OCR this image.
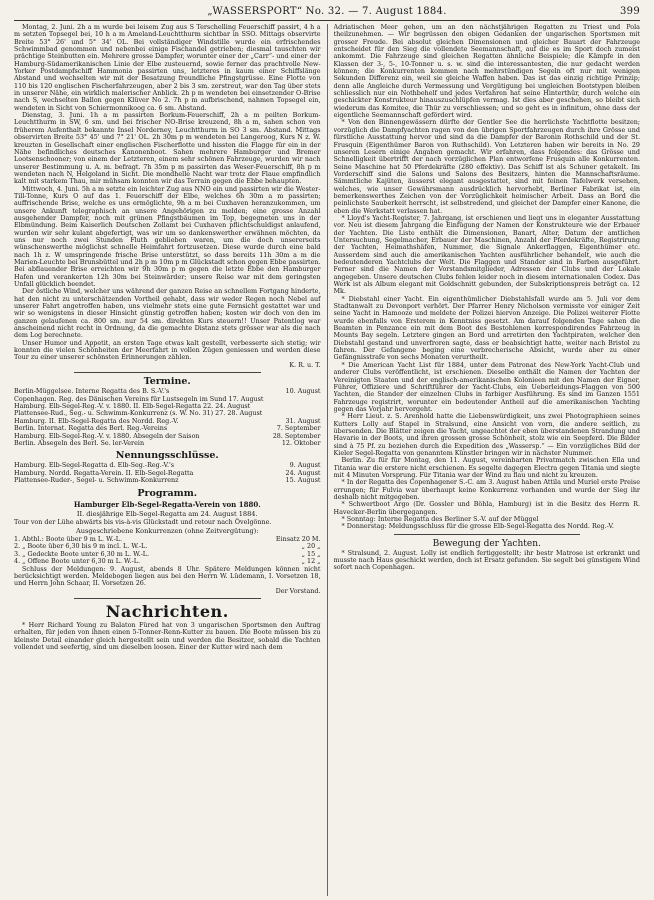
„WASSERSPORT“ No. 32. — 7. August 1884.	399

Montag, 2. Juni. 2h a m wurde bei leisem Zug aus S Terschelling Feuerschiff passirt, 4 h a m setzten Topsegel bei, 10 h a m Ameland-Leuchtthurm sichtbar in SSO. Mittags observirte Breite 53° 26' und 5° 34' OL. Bei vollständiger Windstille wurde ein erfrischendes Schwimmbad genommen und nebenbei einige Fischandel getrieben; diesmal tauschten wir prächtige Steinbutten ein. Mehrere grosse Dampfer, worunter einer der „Carr“- und einer der Hamburg-Südamerikanischen Linie der Elbe zusteuernd, sowie ferner das prachtvolle New-Yorker Postdampfschiff Hammonia passirten uns, letzteres in kaum einer Schiffslänge Abstand und wechselten wir mit der Besatzung freundliche Pfingstgrüsse. Eine Flotte von 110 bis 120 englischen Fischerfahrzeugen, aber 2 bis 3 sm. zerstreut, war den Tag über stets in unserer Nähe, ein wirklich malerischer Anblick. 2h p m wendeten bei einsetzender O-Brise nach S, wechselten Ballon gegen Klüver No 2. 7h p m aufbrischend, nahmen Topsegel ein, wendeten in Sicht von Schiermonnikoog ca. 6 sm. Abstand.

Dienstag, 3. Juni. 1h a m passirten Borkum-Feuerschiff, 2h a m peilten Borkum-Leuchtthurm in SW, 6 sm. und bei frischer NO-Brise kreuzend, 8h a m, sahen schon von früherem Aufenthalt bekannte Insel Norderney, Leuchtthurm in SO 3 sm. Abstand. Mittags observirten Breite 53° 45' und 7° 21' OL. 2h 30m p m wendeten bei Langeroog, Kurs N z. W. kreuzten in Gesellschaft einer englischen Fischerflotte und hissten die Flagge für ein in der Nähe befindliches deutsches Kanonenboot. Sahen mehrere Hamburger und Bremer Lootsenschooner; von einem der Letzteren, einem sehr schönen Fahrzeuge, wurden wir nach unserer Bestimmung u. A. m. befragt. 7h 35m p m passirten das Weser-Feuerschiff, 8h p m wendeten nach N, Helgoland in Sicht. Die mondhelle Nacht war trotz der Flaue empfindlich kalt mit starkem Thau, mir mühsam konnten wir das Terrain gegen die Ebbe behaupten.

Mittwoch, 4. Juni. 5h a m setzte ein leichter Zug aus NNO ein und passirten wir die Wester-Till-Tonne, Kurs O auf das 1. Feuerschiff der Elbe, welches 6h 30m a m passirten; auffrischende Brise, welche es uns ermöglichte, 9h a m bei Cuxhaven heranzukommen, um unsere Ankunft telegraphisch an unsere Angehörigen zu melden; eine grosse Anzahl ausgehender Dampfer, noch mit grünen Pfingstbäumen im Top, begegneten uns in der Elbmündung. Beim Kaiserlich Deutschen Zollamt bei Cuxhaven pflichtschuldigst anlaufend, wurden wir sehr kulant abgefertigt, was wir um so dankenswerther erwähnen möchten, da uns nur noch zwei Stunden Fluth geblieben waren, um die doch unsererseits wünschenswerthe möglichst schnelle Heimfahrt fortzusetzen. Diese wurde durch eine bald nach 1h z. W umspringende frische Brise unterstützt, so dass bereits 11h 30m a m die Marien-Leuchte bei Brunsbüttel und 2h p m 10m p m Glückstadt schon gegen Ebbe passirten. Bei abflauender Brise erreichten wir 9h 30m p m gegen die letzte Ebbe den Hamburger Hafen und verankerten 12h 30m bei Steinwärder; unsere Reise war mit dem geringsten Unfall glücklich beendet.

Der östliche Wind, welcher uns während der ganzen Reise an schnellem Fortgang hinderte, hat den nicht zu unterschätzenden Vortheil gehabt, dass wir weder Regen noch Nebel auf unserer Fahrt angetroffen haben, uns vielmehr stets eine gute Fernsicht gestattet war und wir so wenigstens in dieser Hinsicht günstig getroffen haben; kosten wir doch von den im ganzen gelaufenen ca. 800 sm. nur 54 sm. direkten Kurs steuern!! Unser Patentlog war anscheinend nicht recht in Ordnung, da die gemachte Distanz stets grösser war als die nach dem Log berechnete.

Unser Humor und Appetit, an ersten Tage etwas kalt gestellt, verbesserte sich stetig; wir konnten die vielen Schönheiten der Meerfahrt in vollen Zügen geniessen und werden diese Tour zu einer unserer schönsten Erinnerungen zählen.

K. R. u. T.
Termine.
Berlin-Müggelsee. Interne Regatta des B. S.-V.'s	10. August
Copenhagen. Reg. des Dänischen Vereins für Lustsegeln im Sund 17. August
Hamburg. Elb-Segel-Reg.-V. v. 1880. II. Elb-Segel-Regatta 22. 24. August
Plattensee-Rud., Seg.- u. Schwimm-Konkurrenz (s. W. No. 31) 27. 28. August
Hamburg. II. Elb-Segel-Regatta des Nordd. Reg.-V.	31. August
Berlin. Internat. Regatta des Berl. Reg.-Vereins	7. September
Hamburg. Elb-Segel-Reg.-V. v. 1880. Absegeln der Saison	28. September
Berlin. Absegeln des Berl. Se. ler-Verein	12. Oktober
Nennungsschlüsse.
Hamburg. Elb-Segel-Regatta d. Elb-Seg.-Reg.-V.'s	9. August
Hamburg. Nordd. Regatta-Verein. II. Elb-Segel-Regatta	24. August
Plattensee-Ruder-, Segel- u. Schwimm-Konkurrenz	15. August
Programm.
Hamburger Elb-Segel-Regatta-Verein von 1880.
II. diesjährige Elb-Segel-Regatta am 24. August 1884.

Tour von der Lühe abwärts bis vis-à-vis Glückstadt und retour nach Övelgönne.

Ausgeschriebene Konkurrenzen (ohne Zeitvergütung):
1. Abthl.: Boote über 9 m L. W.-L.	Einsatz 20 M.
2. „ Boote über 6,30 bis 9 m incl. L. W.-L.	„ 20 „
3. „ Gedeckte Boote unter 6,30 m L. W.-L.	„ 15 „
4. „ Offene Boote unter 6,30 m L. W.-L.	„ 12 „

Schluss der Meldungen: 9. August, abends 8 Uhr. Spätere Meldungen können nicht berücksichtigt werden. Meldebogen liegen aus bei den Herrn W. Lüdemann, I. Vorsetzen 18, und Herrn John Schaar, II. Vorsetzen 26.

Der Vorstand.
Nachrichten.

* Herr Richard Young zu Balaton Füred hat von 3 ungarischen Sportsmen den Auftrag erhalten, für jeden von ihnen einen 5-Tonner-Renn-Kutter zu bauen. Die Boote müssen bis zu kleinste Detail einander gleich hergestellt sein und werden die Besitzer, sobald die Yachten vollendet und seefertig, sind um dieselben loosen. Einer der Kutter wird nach dem

Adriatischen Meer gehen, um an den nächstjährigen Regatten zu Triest und Pola theilzunehmen. — Wir begrüssen den obigen Gedanken der ungarischen Sportsmen mit grosser Freude. Bei absolut gleichen Dimensionen und gleicher Bauart der Fahrzeuge entscheidet für den Sieg die vollendete Seemannschaft, auf die es im Sport doch zumeist ankommt. Die Fahrzeuge sind gleichen Regatten ähnliche Beispiele; die Kämpfe in den Klassen der 3-, 5-, 10-Tonner u. s. w. sind die interessantesten, die nur gedacht werden können; die Konkurrenten kommen nach mehrstündigen Segeln oft nur mit wenigen Sekunden Differenz ein, weil sie gleiche Waffen haben. Das ist das einzig richtige Prinzip; denn alle Angleiche durch Vermessung und Vergütigung bei ungleichen Bootstypen bleiben schliesslich nur ein Nothbehelf und jedes Verfahren hat seine Hinterthür, durch welche ein geschickter Konstrukteur hinauszuschlüpfen vermag. Ist dies aber geschehen, so bleibt sich wiederum das Komitee, die Thür zu verschliessen; und so geht es in infinitum, ohne dass der eigentliche Seemannschaft gefördert wird.

* Von den Binnengewässern dürfte der Gentler See die herrlichste Yachtflotte besitzen; vorzüglich die Dampfyachten ragen von den übrigen Sportfahrzeugen durch ihre Grösse und fürstliche Ausstattung hervor und sind da die Dampfer der Baronin Rothschild und der St. Frusquin (Eigenthümer Baron von Ruthschild). Von Letzteren haben wir bereits in No. 29 unseren Lesern einige Angaben gemacht. Wir erfahren, dass folgendes: das Grösse und Schnelligkeit übertrifft der nach vorzüglichen Plan entworfene Frusquin alle Konkurrenten. Seine Maschine hat 50 Pferdekräfte (280 effektiv). Das Schiff ist als Schuner getakelt. Im Vorderschiff sind die Salons und Salons des Besitzers, hinten die Mannschaftsräume. Sämmtliche Kajüten, äusserst elegant ausgestattet, sind mit feinen Tafelwerk versehen, welches, wie unser Gewährsmann ausdrücklich hervorhebt, Berliner Fabrikat ist, ein bemerkenswerthes Zeichen von der Vorzüglichkeit heimischer Arbeit. Dass an Bord die peinlichste Sauberkeit herrscht, ist selbstredend, und gleichet der Dampfer einer Kanone, die eben die Werkstatt verlassen hat.

* Lloyd's Yacht-Register, 7. Jahrgang, ist erschienen und liegt uns in eleganter Ausstattung vor. Neu ist diesem Jahrgang die Einfügung der Namen der Konstrukteure wie der Erbauer der Yachten. Die Liste enthält die Dimensionen, Banart, Alter, Datum der amtlichen Untersuchung, Segelmacher, Erbauer der Maschinen, Anzahl der Pferdekräfte, Registrirung der Yachten, Heimathshäfen, Nummer, die Signale Ankerflaggen, Eigenthümer etc. Ausserdem sind auch die amerikanischen Yachten ausführlicher behandelt, wie auch die bedeutenderen Yachtclubs der Welt. Die Flaggen und Stander sind in Farben ausgeführt. Ferner sind die Namen der Vorstandsmitglieder, Adressen der Clubs und der Lokale angegeben. Unsere deutschen Clubs fehlen leider noch in diesem internationalen Codex. Das Werk ist als Album elegant mit Goldschnitt gebunden, der Subskriptionspreis beträgt ca. 12 Mk.

* Diebstahl einer Yacht. Ein eigenthümlicher Diebstahlsfall wurde am 5. Juli vor dem Stadtanwalt zu Devonport verhört. Der Pfarrer Henry Nicholson vermisste vor einiger Zeit seine Yacht in Hamooze und meldete der Polizei hiervon Anzeige. Die Polizei weiterer Flotte wurde ebenfalls von Ersterem in Kenntniss gesetzt. Am darauf folgenden Tage sahen die Beamten in Penzance ein mit dem Boot des Bestohlenen korrespondirendes Fahrzeug in Mounts Bay segeln. Letztere gingen an Bord und arretirten den Yachtpiraten, welcher den Diebstahl gestand und unverfroren sagte, dass er beabsichtigt hatte, weiter nach Bristol zu fahren. Der Gefangene beging eine verbrecherische Absicht, wurde aber zu einer Gefängnisstrafe von sechs Monaten verurtheilt.

* Die American Yacht List für 1884, unter dem Patronat des New-York Yacht-Club und anderer Clubs veröffentlicht, ist erschienen. Dieselbe enthält die Namen der Yachten der Vereinigten Staaten und der englisch-amerikanischen Kolonieen mit den Namen der Eigner, Führer, Offiziere und Schriftführer der Yacht-Clubs, ein Ueberleidungs-Flaggen von 500 Yachten, die Stander der einzelnen Clubs in farbiger Ausführung. Es sind im Ganzen 1551 Fahrzeuge registrirt, worunter ein bedeutender Antheil auf die amerikanischen Yachting gegen das Vorjahr hervorgeht.

* Herr Lieut. z. S. Arenhold hatte die Liebenswürdigkeit, uns zwei Photographieen seines Kutters Lolly auf Stapel in Stralsund, eine Ansicht von vorn, die andere seitlich, zu übersenden. Die Blätter zeigen die Yacht, ungeachtet der eben überstandenen Strandung und Havarie in der Boots, und ihren grossen grosse Schönheit, stolz wie ein Seepferd. Die Bilder sind à 75 Pf. zu beziehen durch die Expedition des „Wassersp.“ — Ein vorzügliches Bild der Kieler Segel-Regatta von genanntem Künstler bringen wir in nächster Nummer.

Berlin. Zu für für Montag, den 11. August, vereinbarten Privatmatch zwischen Ella und Titania war die erstere nicht erschienen. Es segelte dagegen Electra gegen Titania und siegte mit 4 Minuten Vorsprung. Für Titania war der Wind zu flau und nicht zu kreuzen.

* In der Regatta des Copenhagener S.-C. am 3. August haben Attila und Muriel erste Preise errungen; für Fulvia war überhaupt keine Konkurrenz vorhanden und wurde der Sieg ihr deshalb nicht mitgegeben.

* Schwertboot Argo (Dr. Gossler und Böhla, Hamburg) ist in die Besitz des Herrn R. Havecker-Berlin übergegangen.

* Sonntag: Interne Regatta des Berliner S.-V. auf der Müggel

* Donnerstag: Meldungsschluss für die grosse Elb-Segel-Regatta des Nordd. Reg.-V.

Bewegung der Yachten.

* Stralsund, 2. August. Lolly ist endlich fertiggestellt; ihr bestr Matrose ist erkrankt und musste nach Haus geschickt werden, doch ist Ersatz gefunden. Sie segelt bei günstigem Wind sofort nach Copenhagen.
